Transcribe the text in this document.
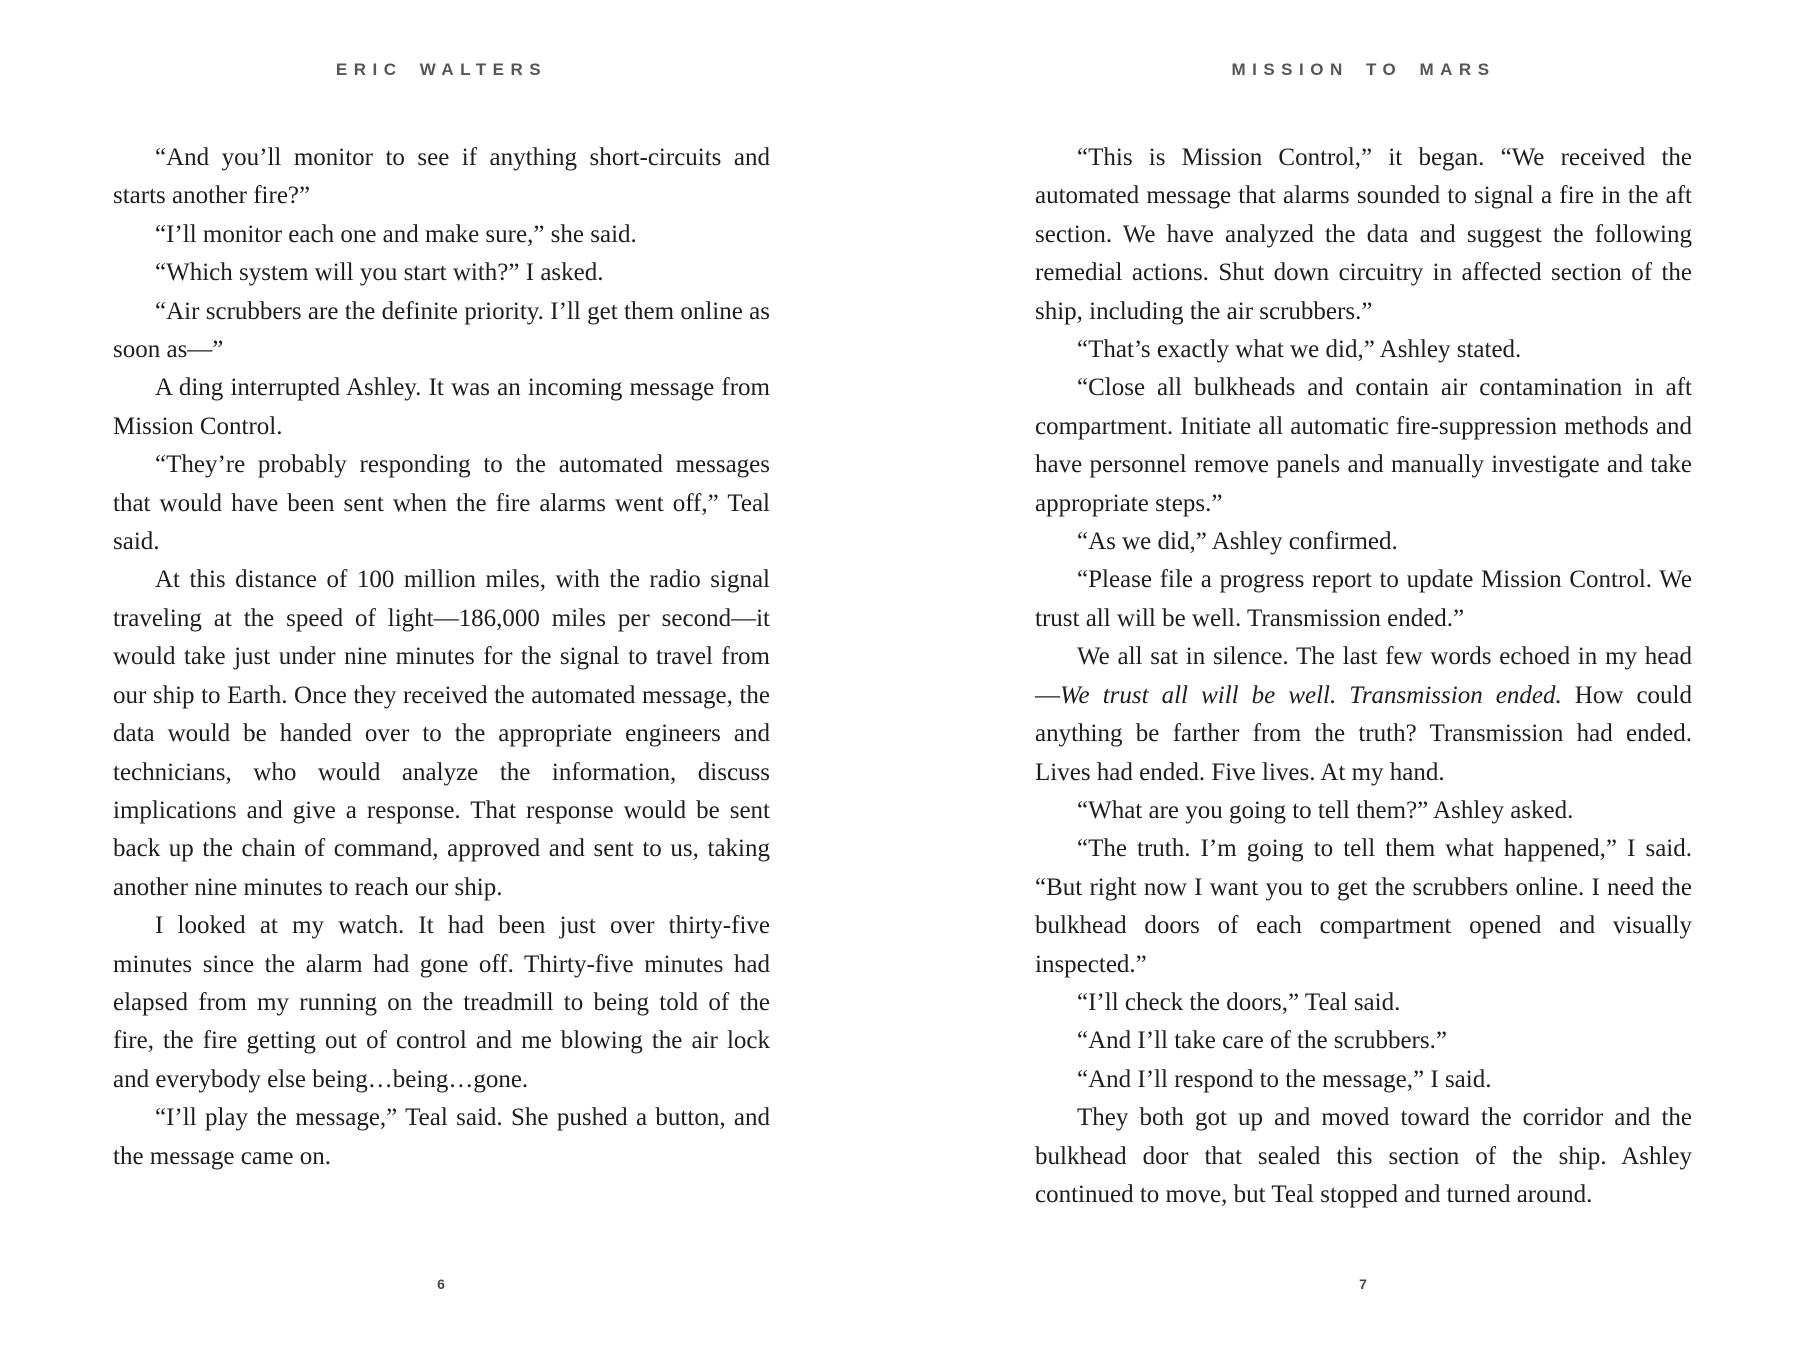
ERIC WALTERS

“And you’ll monitor to see if anything short-circuits and starts another fire?”

“I’ll monitor each one and make sure,” she said.

“Which system will you start with?” I asked.

“Air scrubbers are the definite priority. I’ll get them online as soon as—”

A ding interrupted Ashley. It was an incoming message from Mission Control.

“They’re probably responding to the automated messages that would have been sent when the fire alarms went off,” Teal said.

At this distance of 100 million miles, with the radio signal traveling at the speed of light—186,000 miles per second—it would take just under nine minutes for the signal to travel from our ship to Earth. Once they received the automated message, the data would be handed over to the appropriate engineers and technicians, who would analyze the information, discuss implications and give a response. That response would be sent back up the chain of command, approved and sent to us, taking another nine minutes to reach our ship.

I looked at my watch. It had been just over thirty-five minutes since the alarm had gone off. Thirty-five minutes had elapsed from my running on the treadmill to being told of the fire, the fire getting out of control and me blowing the air lock and everybody else being…being…gone.

“I’ll play the message,” Teal said. She pushed a button, and the message came on.

6
MISSION TO MARS

“This is Mission Control,” it began. “We received the automated message that alarms sounded to signal a fire in the aft section. We have analyzed the data and suggest the following remedial actions. Shut down circuitry in affected section of the ship, including the air scrubbers.”

“That’s exactly what we did,” Ashley stated.

“Close all bulkheads and contain air contamination in aft compartment. Initiate all automatic fire-suppression methods and have personnel remove panels and manually investigate and take appropriate steps.”

“As we did,” Ashley confirmed.

“Please file a progress report to update Mission Control. We trust all will be well. Transmission ended.”

We all sat in silence. The last few words echoed in my head—We trust all will be well. Transmission ended. How could anything be farther from the truth? Transmission had ended. Lives had ended. Five lives. At my hand.

“What are you going to tell them?” Ashley asked.

“The truth. I’m going to tell them what happened,” I said. “But right now I want you to get the scrubbers online. I need the bulkhead doors of each compartment opened and visually inspected.”

“I’ll check the doors,” Teal said.

“And I’ll take care of the scrubbers.”

“And I’ll respond to the message,” I said.

They both got up and moved toward the corridor and the bulkhead door that sealed this section of the ship. Ashley continued to move, but Teal stopped and turned around.

7
